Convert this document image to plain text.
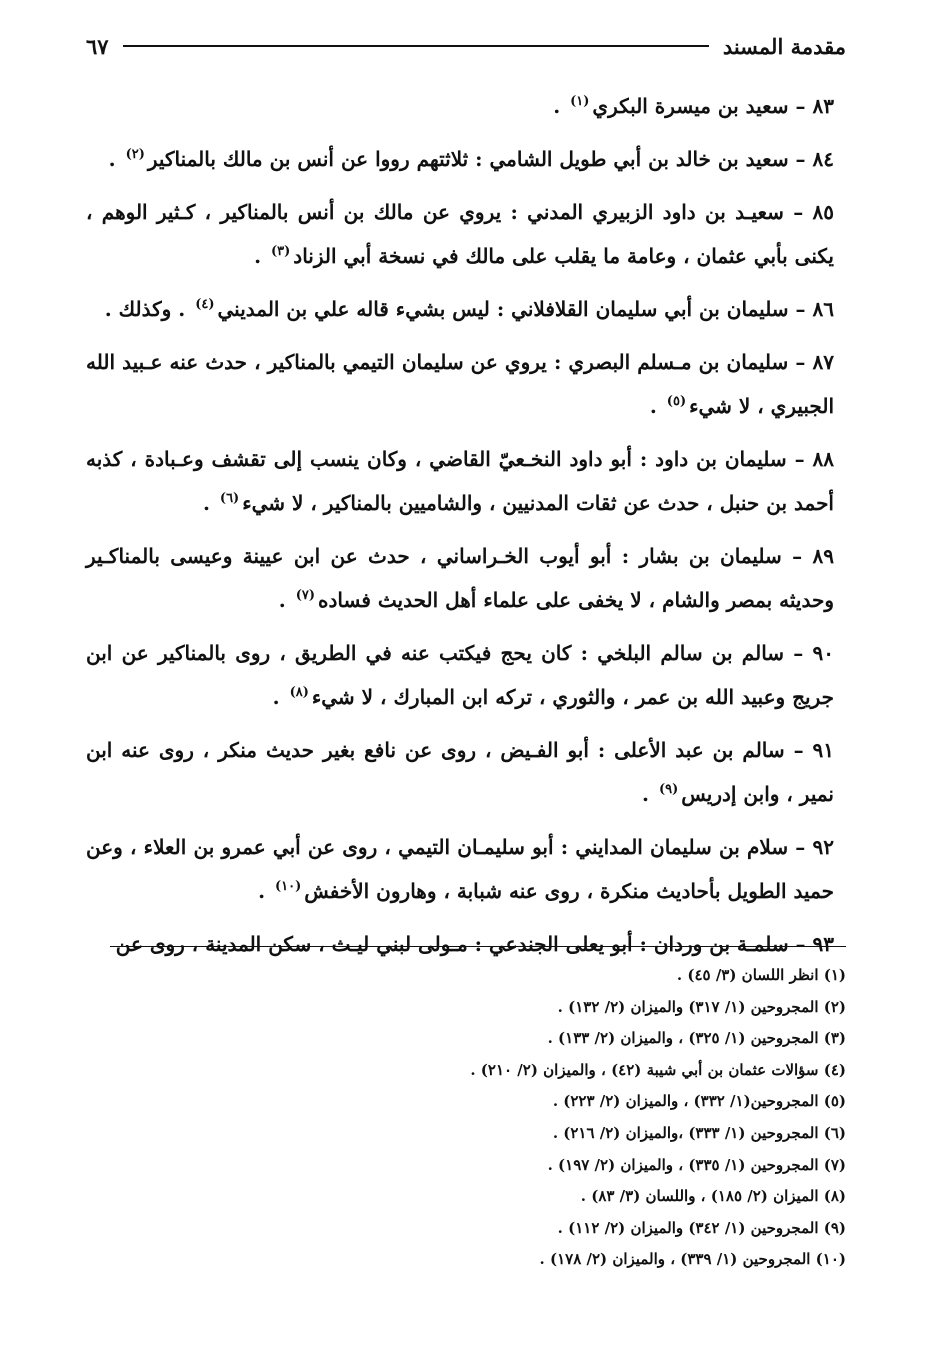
مقدمة المسند
٦٧

٨٣ – سعيد بن ميسرة البكري$^{(١)}$ .

٨٤ – سعيد بن خالد بن أبي طويل الشامي : ثلاثتهم رووا عن أنس بن مالك بالمناكير$^{(٢)}$ .

٨٥ – سعيـد بن داود الزبيري المدني : يروي عن مالك بن أنس بالمناكير ، كـثير الوهم ، يكنى بأبي عثمان ، وعامة ما يقلب على مالك في نسخة أبي الزناد$^{(٣)}$ .

٨٦ – سليمان بن أبي سليمان القلافلاني : ليس بشيء قاله علي بن المديني$^{(٤)}$ . وكذلك .

٨٧ – سليمان بن مـسلم البصري : يروي عن سليمان التيمي بالمناكير ، حدث عنه عـبيد الله الجبيري ، لا شيء$^{(٥)}$ .

٨٨ – سليمان بن داود : أبو داود النخـعيّ القاضي ، وكان ينسب إلى تقشف وعـبادة ، كذبه أحمد بن حنبل ، حدث عن ثقات المدنيين ، والشاميين بالمناكير ، لا شيء$^{(٦)}$ .

٨٩ – سليمان بن بشار : أبو أيوب الخـراساني ، حدث عن ابن عيينة وعيسى بالمناكـير وحديثه بمصر والشام ، لا يخفى على علماء أهل الحديث فساده$^{(٧)}$ .

٩٠ – سالم بن سالم البلخي : كان يحج فيكتب عنه في الطريق ، روى بالمناكير عن ابن جريج وعبيد الله بن عمر ، والثوري ، تركه ابن المبارك ، لا شيء$^{(٨)}$ .

٩١ – سالم بن عبد الأعلى : أبو الفـيض ، روى عن نافع بغير حديث منكر ، روى عنه ابن نمير ، وابن إدريس$^{(٩)}$ .

٩٢ – سلام بن سليمان المدايني : أبو سليمـان التيمي ، روى عن أبي عمرو بن العلاء ، وعن حميد الطويل بأحاديث منكرة ، روى عنه شبابة ، وهارون الأخفش$^{(١٠)}$ .

٩٣ – سلمـة بن وردان : أبو يعلى الجندعي : مـولى لبني ليـث ، سكن المدينة ، روى عن

(١) انظر اللسان (٣/ ٤٥) .
(٢) المجروحين (١/ ٣١٧) والميزان (٢/ ١٣٢) .
(٣) المجروحين (١/ ٣٢٥) ، والميزان (٢/ ١٣٣) .
(٤) سؤالات عثمان بن أبي شيبة (٤٢) ، والميزان (٢/ ٢١٠) .
(٥) المجروحين(١/ ٣٣٢) ، والميزان (٢/ ٢٢٣) .
(٦) المجروحين (١/ ٣٣٣) ،والميزان (٢/ ٢١٦) .
(٧) المجروحين (١/ ٣٣٥) ، والميزان (٢/ ١٩٧) .
(٨) الميزان (٢/ ١٨٥) ، واللسان (٣/ ٨٣) .
(٩) المجروحين (١/ ٣٤٢) والميزان (٢/ ١١٢) .
(١٠) المجروحين (١/ ٣٣٩) ، والميزان (٢/ ١٧٨) .
